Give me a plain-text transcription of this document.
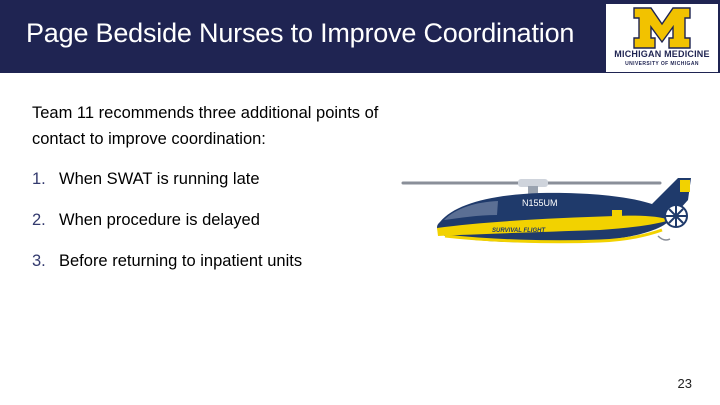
Page Bedside Nurses to Improve Coordination
MICHIGAN MEDICINE
UNIVERSITY OF MICHIGAN
Team 11 recommends three additional points of contact to improve coordination:
1. When SWAT is running late
2. When procedure is delayed
3. Before returning to inpatient units
N155UM
SURVIVAL FLIGHT
23
